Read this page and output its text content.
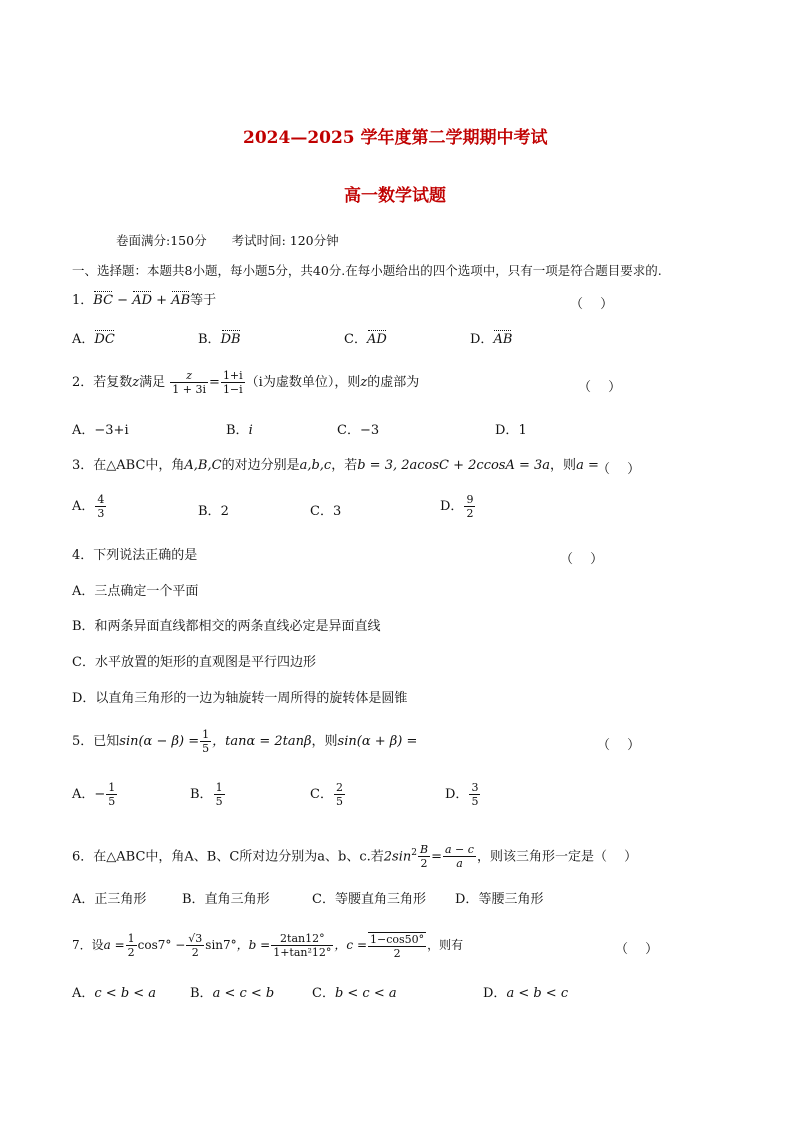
2024—2025 学年度第二学期期中考试
高一数学试题
卷面满分:150分　　考试时间: 120分钟
一、选择题：本题共8小题，每小题5分，共40分.在每小题给出的四个选项中，只有一项是符合题目要求的.
1．BC − AD + AB等于	（　 ）
A．DC	B．DB	C．AD	D．AB
2．若复数z满足 $\frac{z}{1 + 3i} = \frac{1+i}{1-i} (i$为虚数单位），则z的虚部为	（　 ）
A．−3+i	B．i	C．−3	D．1
3．在△ABC中，角A,B,C的对边分别是a,b,c，若b = 3, 2acosC + 2ccosA = 3a，则a =
（　 ）
A． $\frac{4}{3}$	B．2	C．3	D． $\frac{9}{2}$
4．下列说法正确的是	（　 ）
A．三点确定一个平面
B．和两条异面直线都相交的两条直线必定是异面直线
C．水平放置的矩形的直观图是平行四边形
D．以直角三角形的一边为轴旋转一周所得的旋转体是圆锥
5．已知$\sin(\alpha - \beta) = \frac{1}{5}$ ，tanα = 2tanβ，则sin(α + β) =	（　 ）
A．− $\frac{1}{5}$	B． $\frac{1}{5}$	C． $\frac{2}{5}$	D． $\frac{3}{5}$
6．在△ABC中，角A、B、C所对边分别为a、b、c.若$2\sin^2 \frac{B}{2} = \frac{a - c}{a}$ ，则该三角形一定是（　 ）
A．正三角形	B．直角三角形	C．等腰直角三角形 D．等腰三角形
7．设$a = \frac{1}{2} \cos 7^\circ - \frac{√3}{2} \sin 7^\circ$，$b = \frac{2\tan 12^\circ}{\text{1+tan²12°}}$ ，$c = \frac{1-\cos 50^\circ}{2}$ ，则有	（　 ）
A．c < b < a	B．a < c < b	C．b < c < a	D．a < b < c
